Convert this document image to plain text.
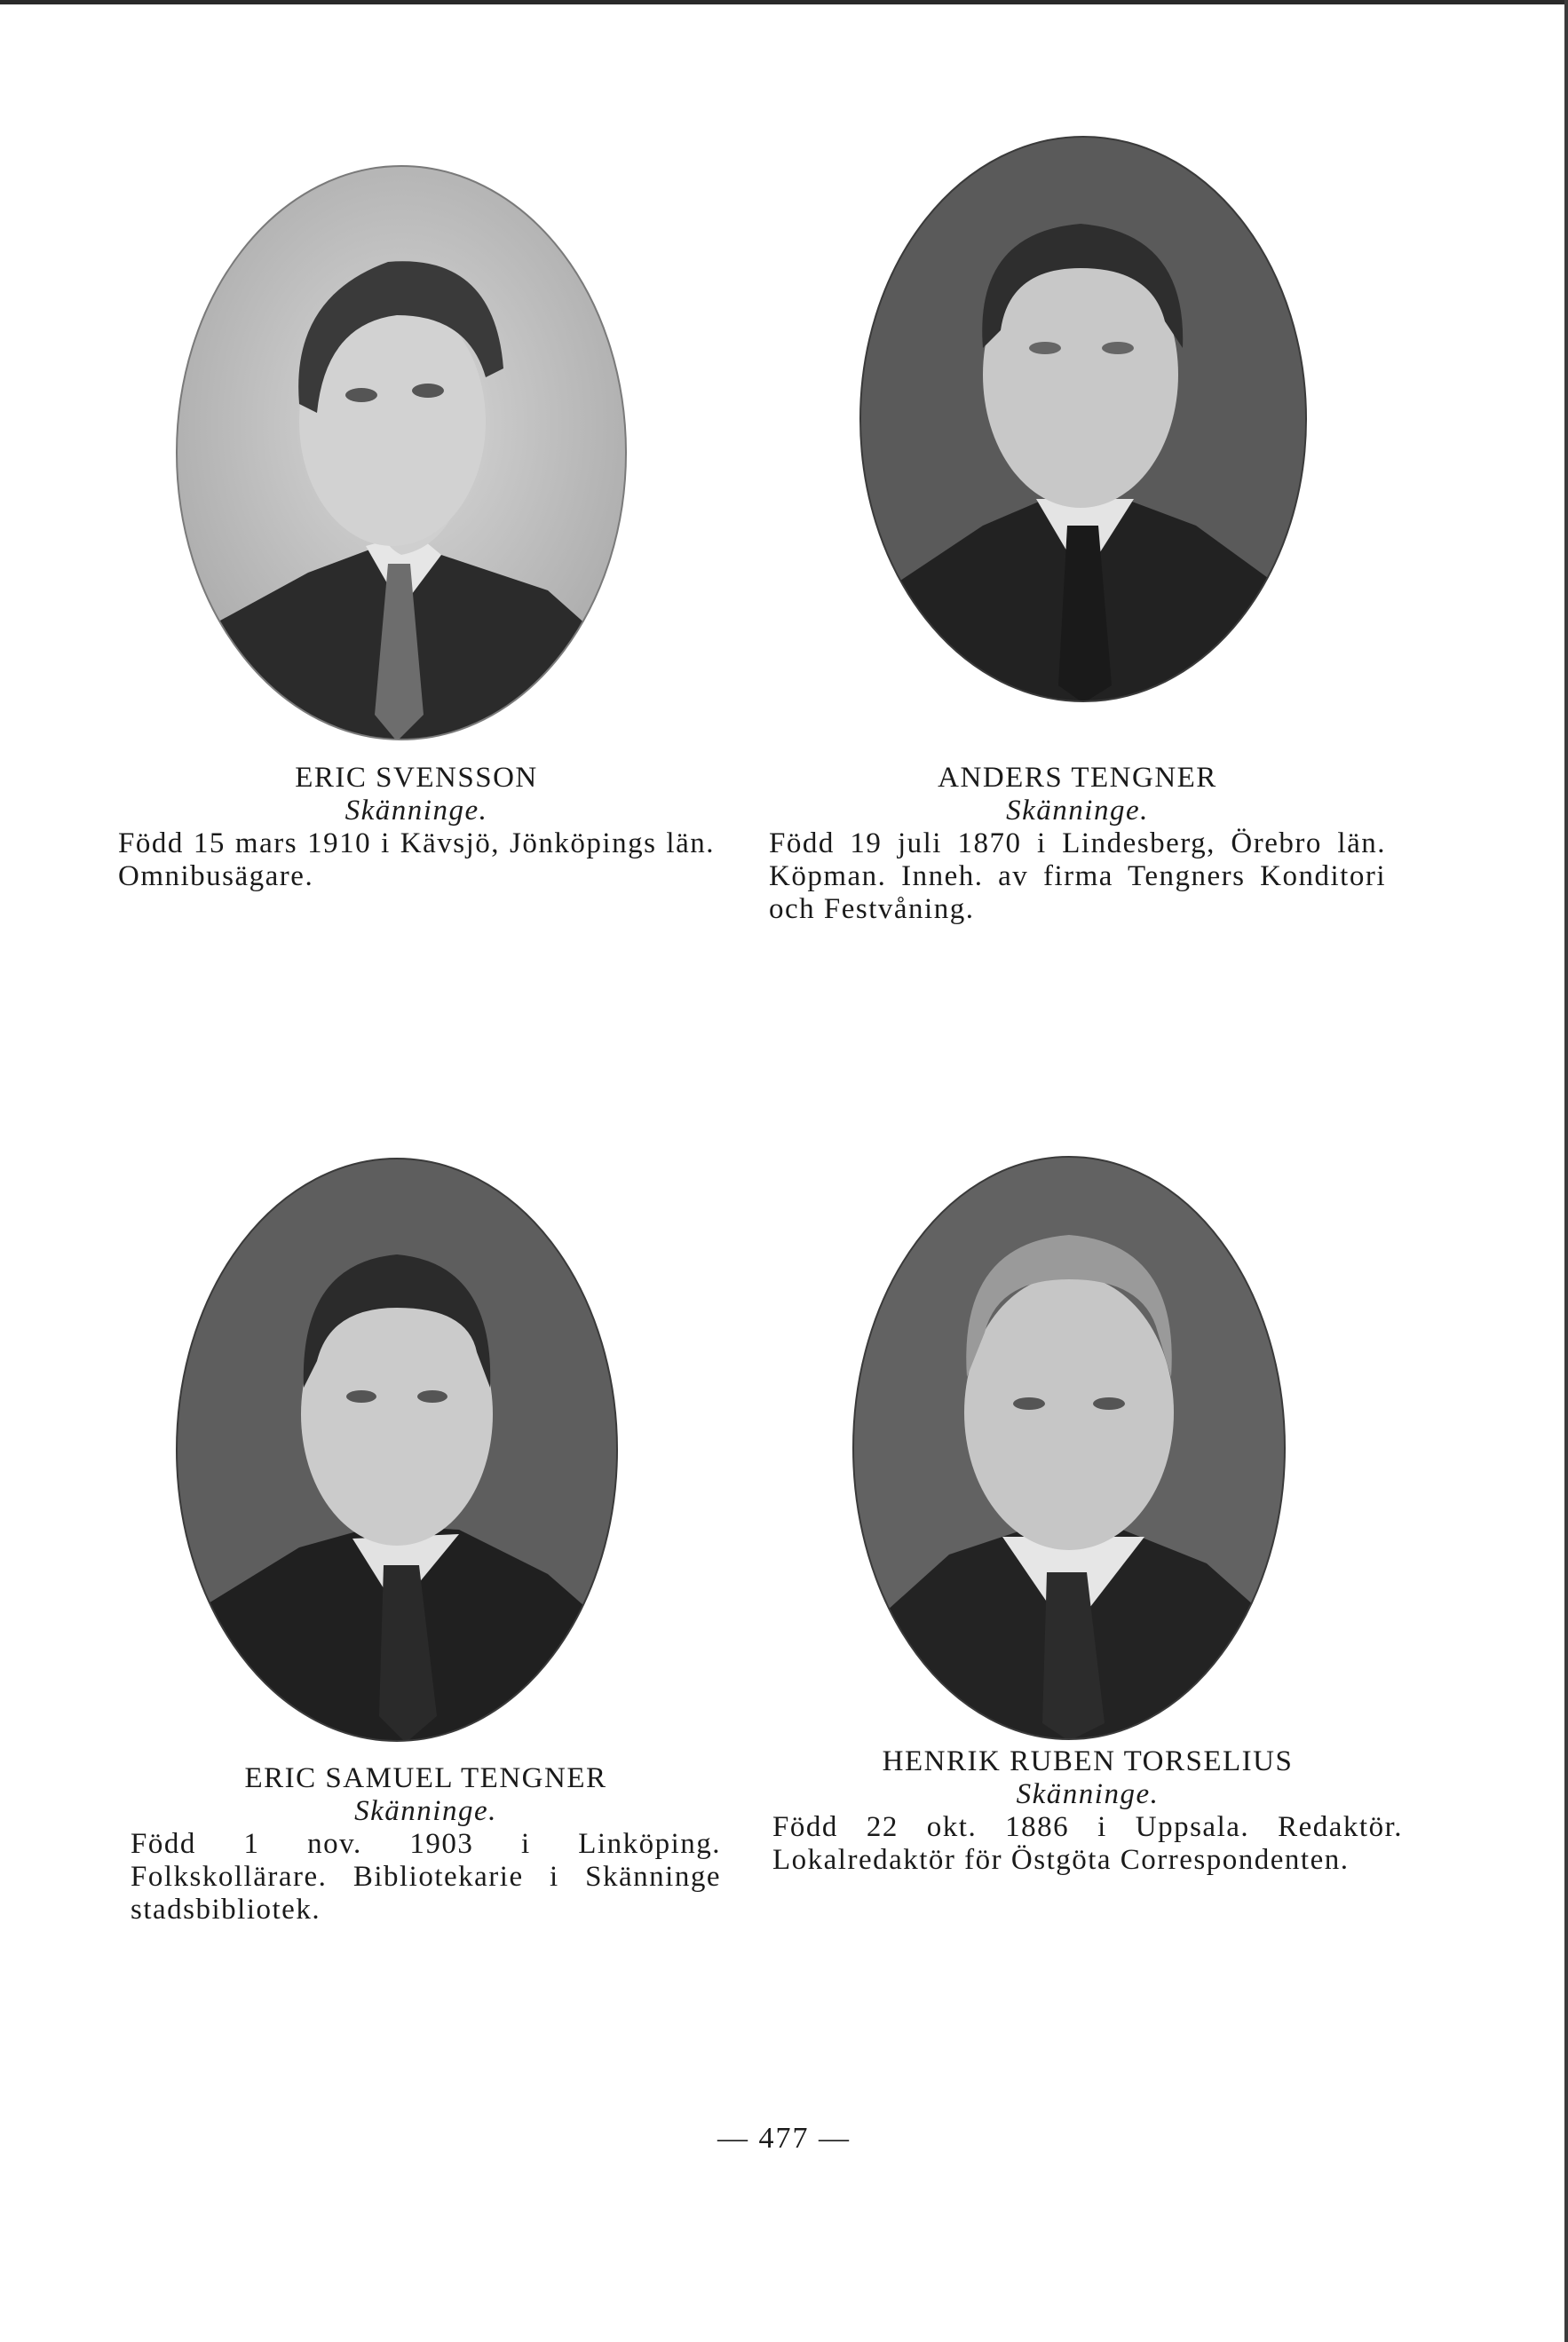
ERIC SVENSSON
Skänninge.
Född 15 mars 1910 i Kävsjö, Jönköpings län. Omnibusägare.
ANDERS TENGNER
Skänninge.
Född 19 juli 1870 i Lindesberg, Örebro län. Köpman. Inneh. av firma Tengners Konditori och Festvåning.
ERIC SAMUEL TENGNER
Skänninge.
Född 1 nov. 1903 i Linköping. Folkskollärare. Bibliotekarie i Skänninge stadsbibliotek.
HENRIK RUBEN TORSELIUS
Skänninge.
Född 22 okt. 1886 i Uppsala. Redaktör. Lokalredaktör för Östgöta Correspondenten.
— 477 —
